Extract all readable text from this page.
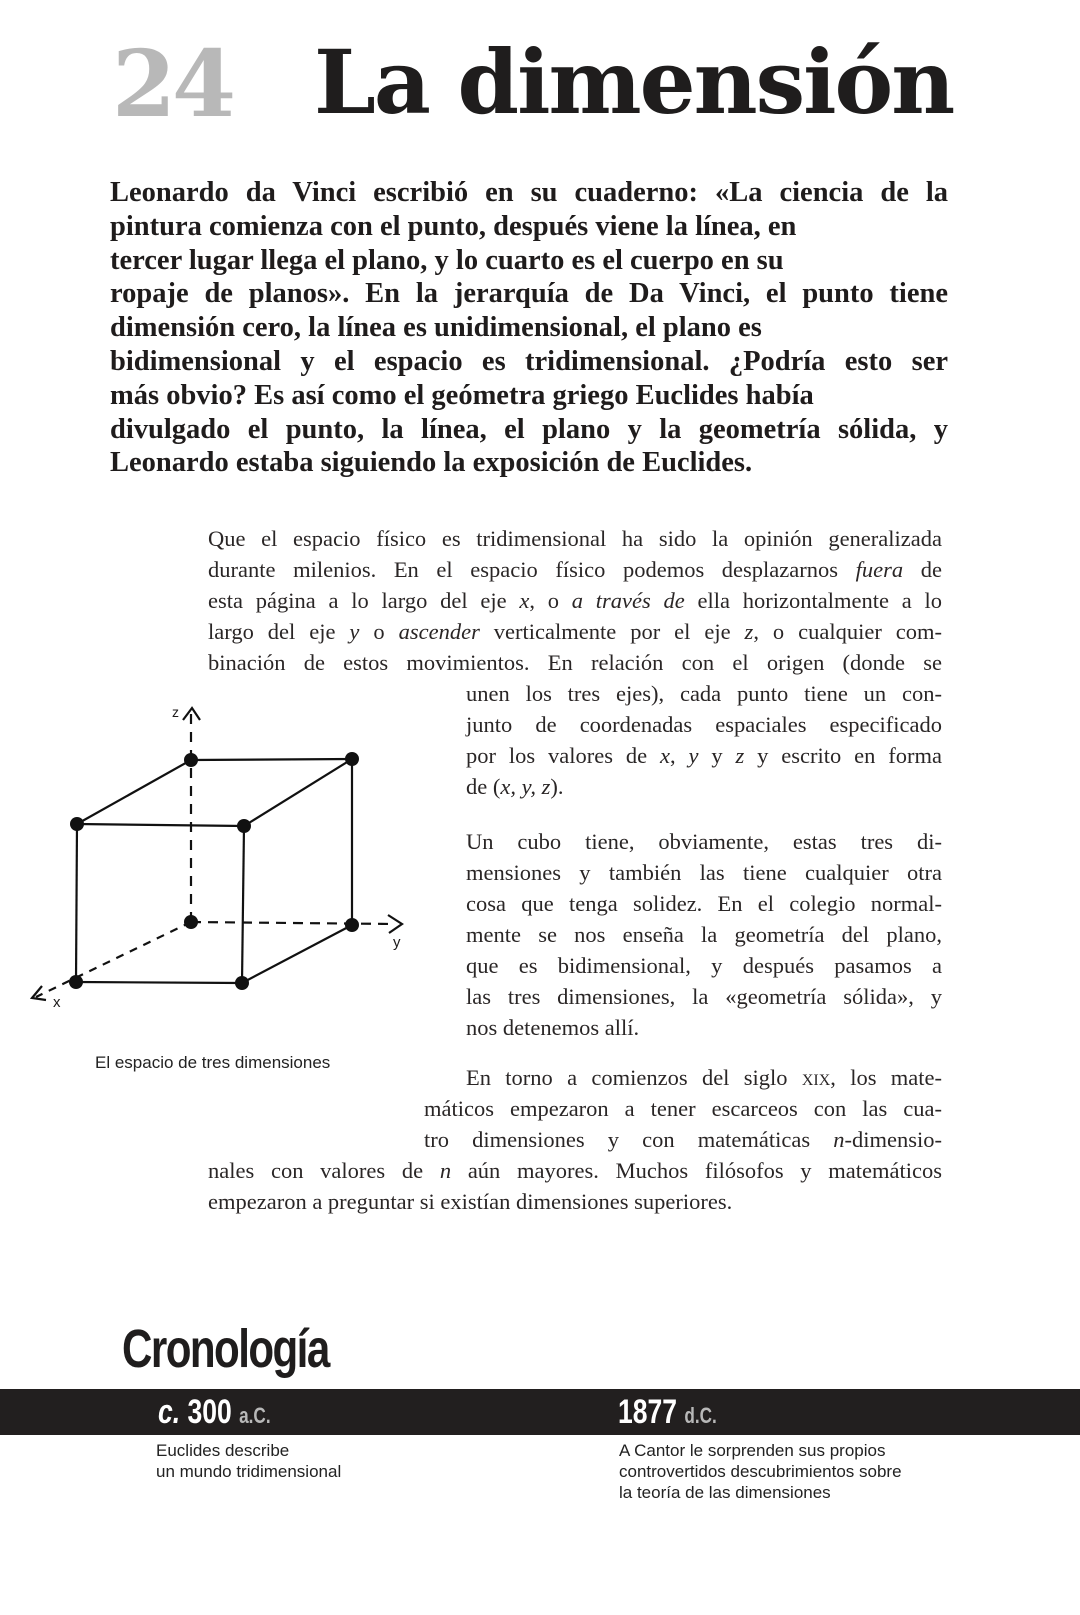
24 La dimensión
Leonardo da Vinci escribió en su cuaderno: «La ciencia de la
pintura comienza con el punto, después viene la línea, en
tercer lugar llega el plano, y lo cuarto es el cuerpo en su
ropaje de planos». En la jerarquía de Da Vinci, el punto tiene
dimensión cero, la línea es unidimensional, el plano es
bidimensional y el espacio es tridimensional. ¿Podría esto ser
más obvio? Es así como el geómetra griego Euclides había
divulgado el punto, la línea, el plano y la geometría sólida, y
Leonardo estaba siguiendo la exposición de Euclides.
Que el espacio físico es tridimensional ha sido la opinión generalizada
durante milenios. En el espacio físico podemos desplazarnos fuera de
esta página a lo largo del eje x, o a través de ella horizontalmente a lo
largo del eje y o ascender verticalmente por el eje z, o cualquier com-
binación de estos movimientos. En relación con el origen (donde se
unen los tres ejes), cada punto tiene un con-
junto de coordenadas espaciales especificado
por los valores de x, y y z y escrito en forma
de (x, y, z).
Un cubo tiene, obviamente, estas tres di-
mensiones y también las tiene cualquier otra
cosa que tenga solidez. En el colegio normal-
mente se nos enseña la geometría del plano,
que es bidimensional, y después pasamos a
las tres dimensiones, la «geometría sólida», y
nos detenemos allí.
En torno a comienzos del siglo xix, los mate-
máticos empezaron a tener escarceos con las cua-
tro dimensiones y con matemáticas n-dimensio-
nales con valores de n aún mayores. Muchos filósofos y matemáticos
empezaron a preguntar si existían dimensiones superiores.
z
y
x
El espacio de tres dimensiones
Cronología
c. 300 a.C.
Euclides describe
un mundo tridimensional
1877 d.C.
A Cantor le sorprenden sus propios
controvertidos descubrimientos sobre
la teoría de las dimensiones
